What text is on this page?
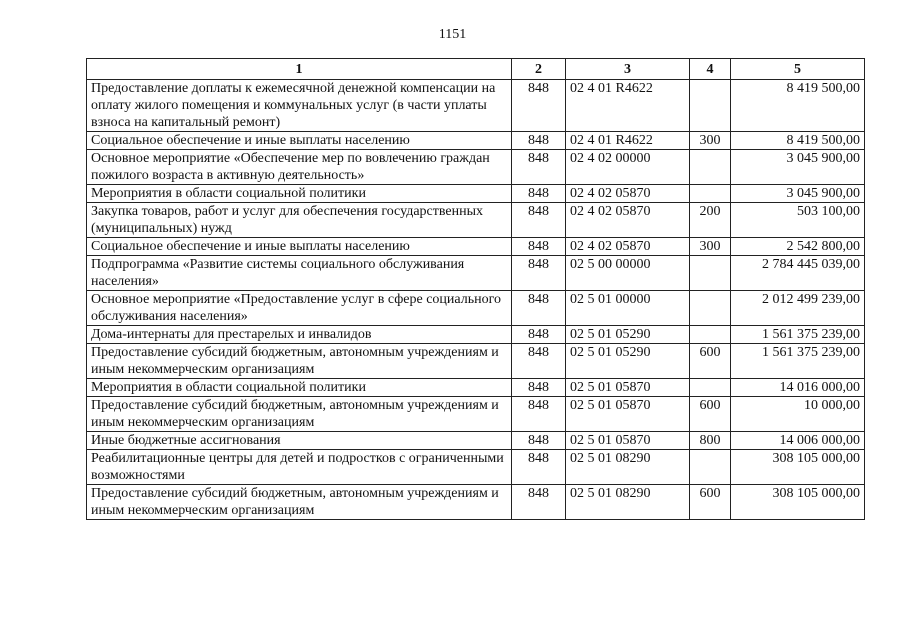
1151
1	2	3	4	5
Предоставление доплаты к ежемесячной денежной компенсации на оплату жилого помещения и коммунальных услуг (в части уплаты взноса на капитальный ремонт)	848	02 4 01 R4622		8 419 500,00
Социальное обеспечение и иные выплаты населению	848	02 4 01 R4622	300	8 419 500,00
Основное мероприятие «Обеспечение мер по вовлечению граждан пожилого возраста в активную деятельность»	848	02 4 02 00000		3 045 900,00
Мероприятия в области социальной политики	848	02 4 02 05870		3 045 900,00
Закупка товаров, работ и услуг для обеспечения государственных (муниципальных) нужд	848	02 4 02 05870	200	503 100,00
Социальное обеспечение и иные выплаты населению	848	02 4 02 05870	300	2 542 800,00
Подпрограмма «Развитие системы социального обслуживания населения»	848	02 5 00 00000		2 784 445 039,00
Основное мероприятие «Предоставление услуг в сфере социального обслуживания населения»	848	02 5 01 00000		2 012 499 239,00
Дома-интернаты для престарелых и инвалидов	848	02 5 01 05290		1 561 375 239,00
Предоставление субсидий бюджетным, автономным учреждениям и иным некоммерческим организациям	848	02 5 01 05290	600	1 561 375 239,00
Мероприятия в области социальной политики	848	02 5 01 05870		14 016 000,00
Предоставление субсидий бюджетным, автономным учреждениям и иным некоммерческим организациям	848	02 5 01 05870	600	10 000,00
Иные бюджетные ассигнования	848	02 5 01 05870	800	14 006 000,00
Реабилитационные центры для детей и подростков с ограниченными возможностями	848	02 5 01 08290		308 105 000,00
Предоставление субсидий бюджетным, автономным учреждениям и иным некоммерческим организациям	848	02 5 01 08290	600	308 105 000,00
